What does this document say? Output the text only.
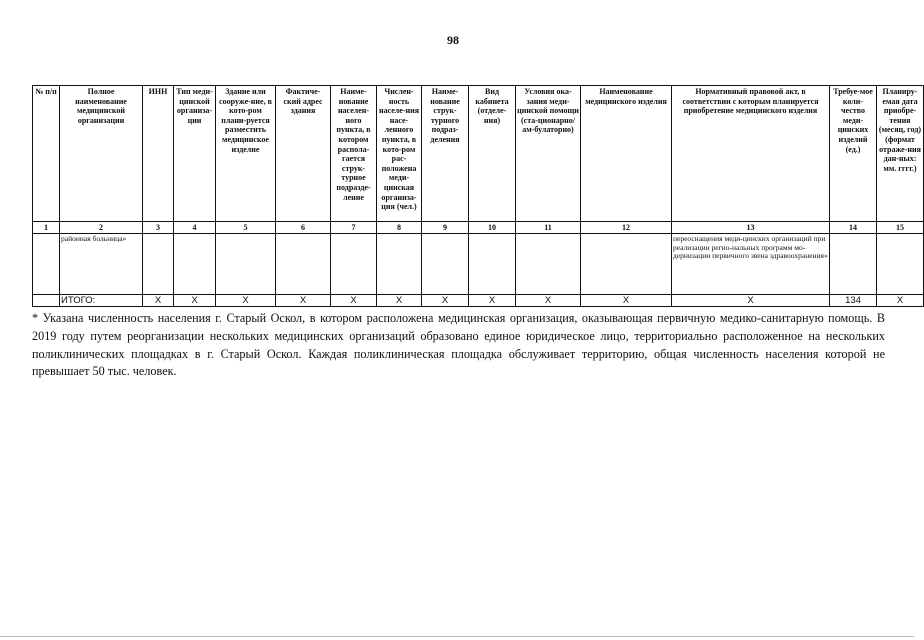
98
№ п/п	Полное наименование медицинской организации	ИНН	Тип меди-цинской организа-ции	Здание или сооруже-ние, в кото-ром плани-руется разместить медицинское изделие	Фактиче-ский адрес здания	Наиме-нование населен-ного пункта, в котором распола-гается струк-турное подразде-ление	Числен-ность населе-ния насе-ленного пункта, в кото-ром рас-положена меди-цинская организа-ция (чел.)	Наиме-нование струк-турного подраз-деления	Вид кабинета (отделе-ния)	Условия ока-зания меди-цинской помощи (ста-ционарно/ам-булаторно)	Наименование медицинского изделия	Нормативный правовой акт, в соответствии с которым планируется приобретение медицинского изделия	Требуе-мое коли-чество меди-цинских изделий (ед.)	Планиру-емая дата приобре-тения (месяц, год) (формат отраже-ния дан-ных: мм. гггг.)
1	2	3	4	5	6	7	8	9	10	11	12	13	14	15
	районная больница»											переоснащения меди-цинских организаций при реализации регио-нальных программ мо-дернизации первичного звена здравоохранения»		
	ИТОГО:	Х	Х	Х	Х	Х	Х	Х	Х	Х	Х	Х	134	Х

* Указана численность населения г. Старый Оскол, в котором расположена медицинская организация, оказывающая первичную медико-санитарную помощь. В 2019 году путем реорганизации нескольких медицинских организаций образовано единое юридическое лицо, территориально расположенное на нескольких поликлинических площадках в г. Старый Оскол. Каждая поликлиническая площадка обслуживает территорию, общая численность населения которой не превышает 50 тыс. человек.
